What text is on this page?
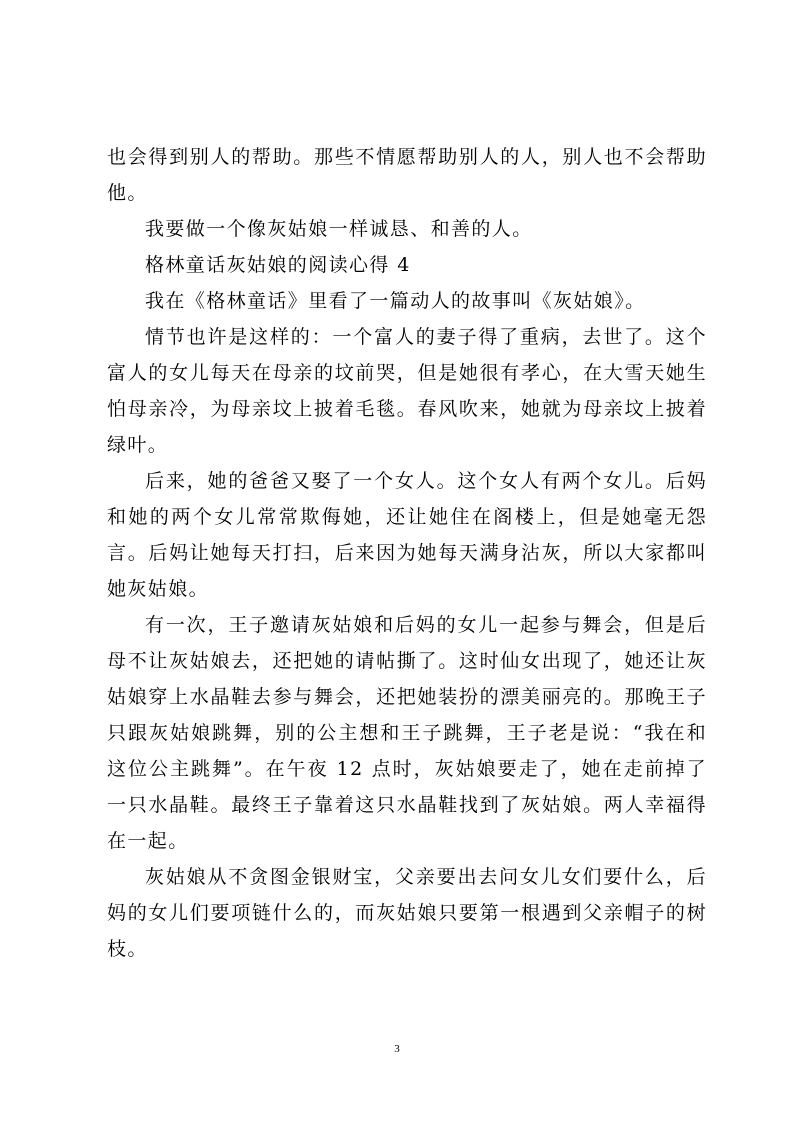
也会得到别人的帮助。那些不情愿帮助别人的人，别人也不会帮助他。

我要做一个像灰姑娘一样诚恳、和善的人。

格林童话灰姑娘的阅读心得 4

我在《格林童话》里看了一篇动人的故事叫《灰姑娘》。

情节也许是这样的：一个富人的妻子得了重病，去世了。这个富人的女儿每天在母亲的坟前哭，但是她很有孝心，在大雪天她生怕母亲冷，为母亲坟上披着毛毯。春风吹来，她就为母亲坟上披着绿叶。

后来，她的爸爸又娶了一个女人。这个女人有两个女儿。后妈和她的两个女儿常常欺侮她，还让她住在阁楼上，但是她毫无怨言。后妈让她每天打扫，后来因为她每天满身沾灰，所以大家都叫她灰姑娘。

有一次，王子邀请灰姑娘和后妈的女儿一起参与舞会，但是后母不让灰姑娘去，还把她的请帖撕了。这时仙女出现了，她还让灰姑娘穿上水晶鞋去参与舞会，还把她装扮的漂美丽亮的。那晚王子只跟灰姑娘跳舞，别的公主想和王子跳舞，王子老是说：“我在和这位公主跳舞”。在午夜 12 点时，灰姑娘要走了，她在走前掉了一只水晶鞋。最终王子靠着这只水晶鞋找到了灰姑娘。两人幸福得在一起。

灰姑娘从不贪图金银财宝，父亲要出去问女儿女们要什么，后妈的女儿们要项链什么的，而灰姑娘只要第一根遇到父亲帽子的树枝。

3
